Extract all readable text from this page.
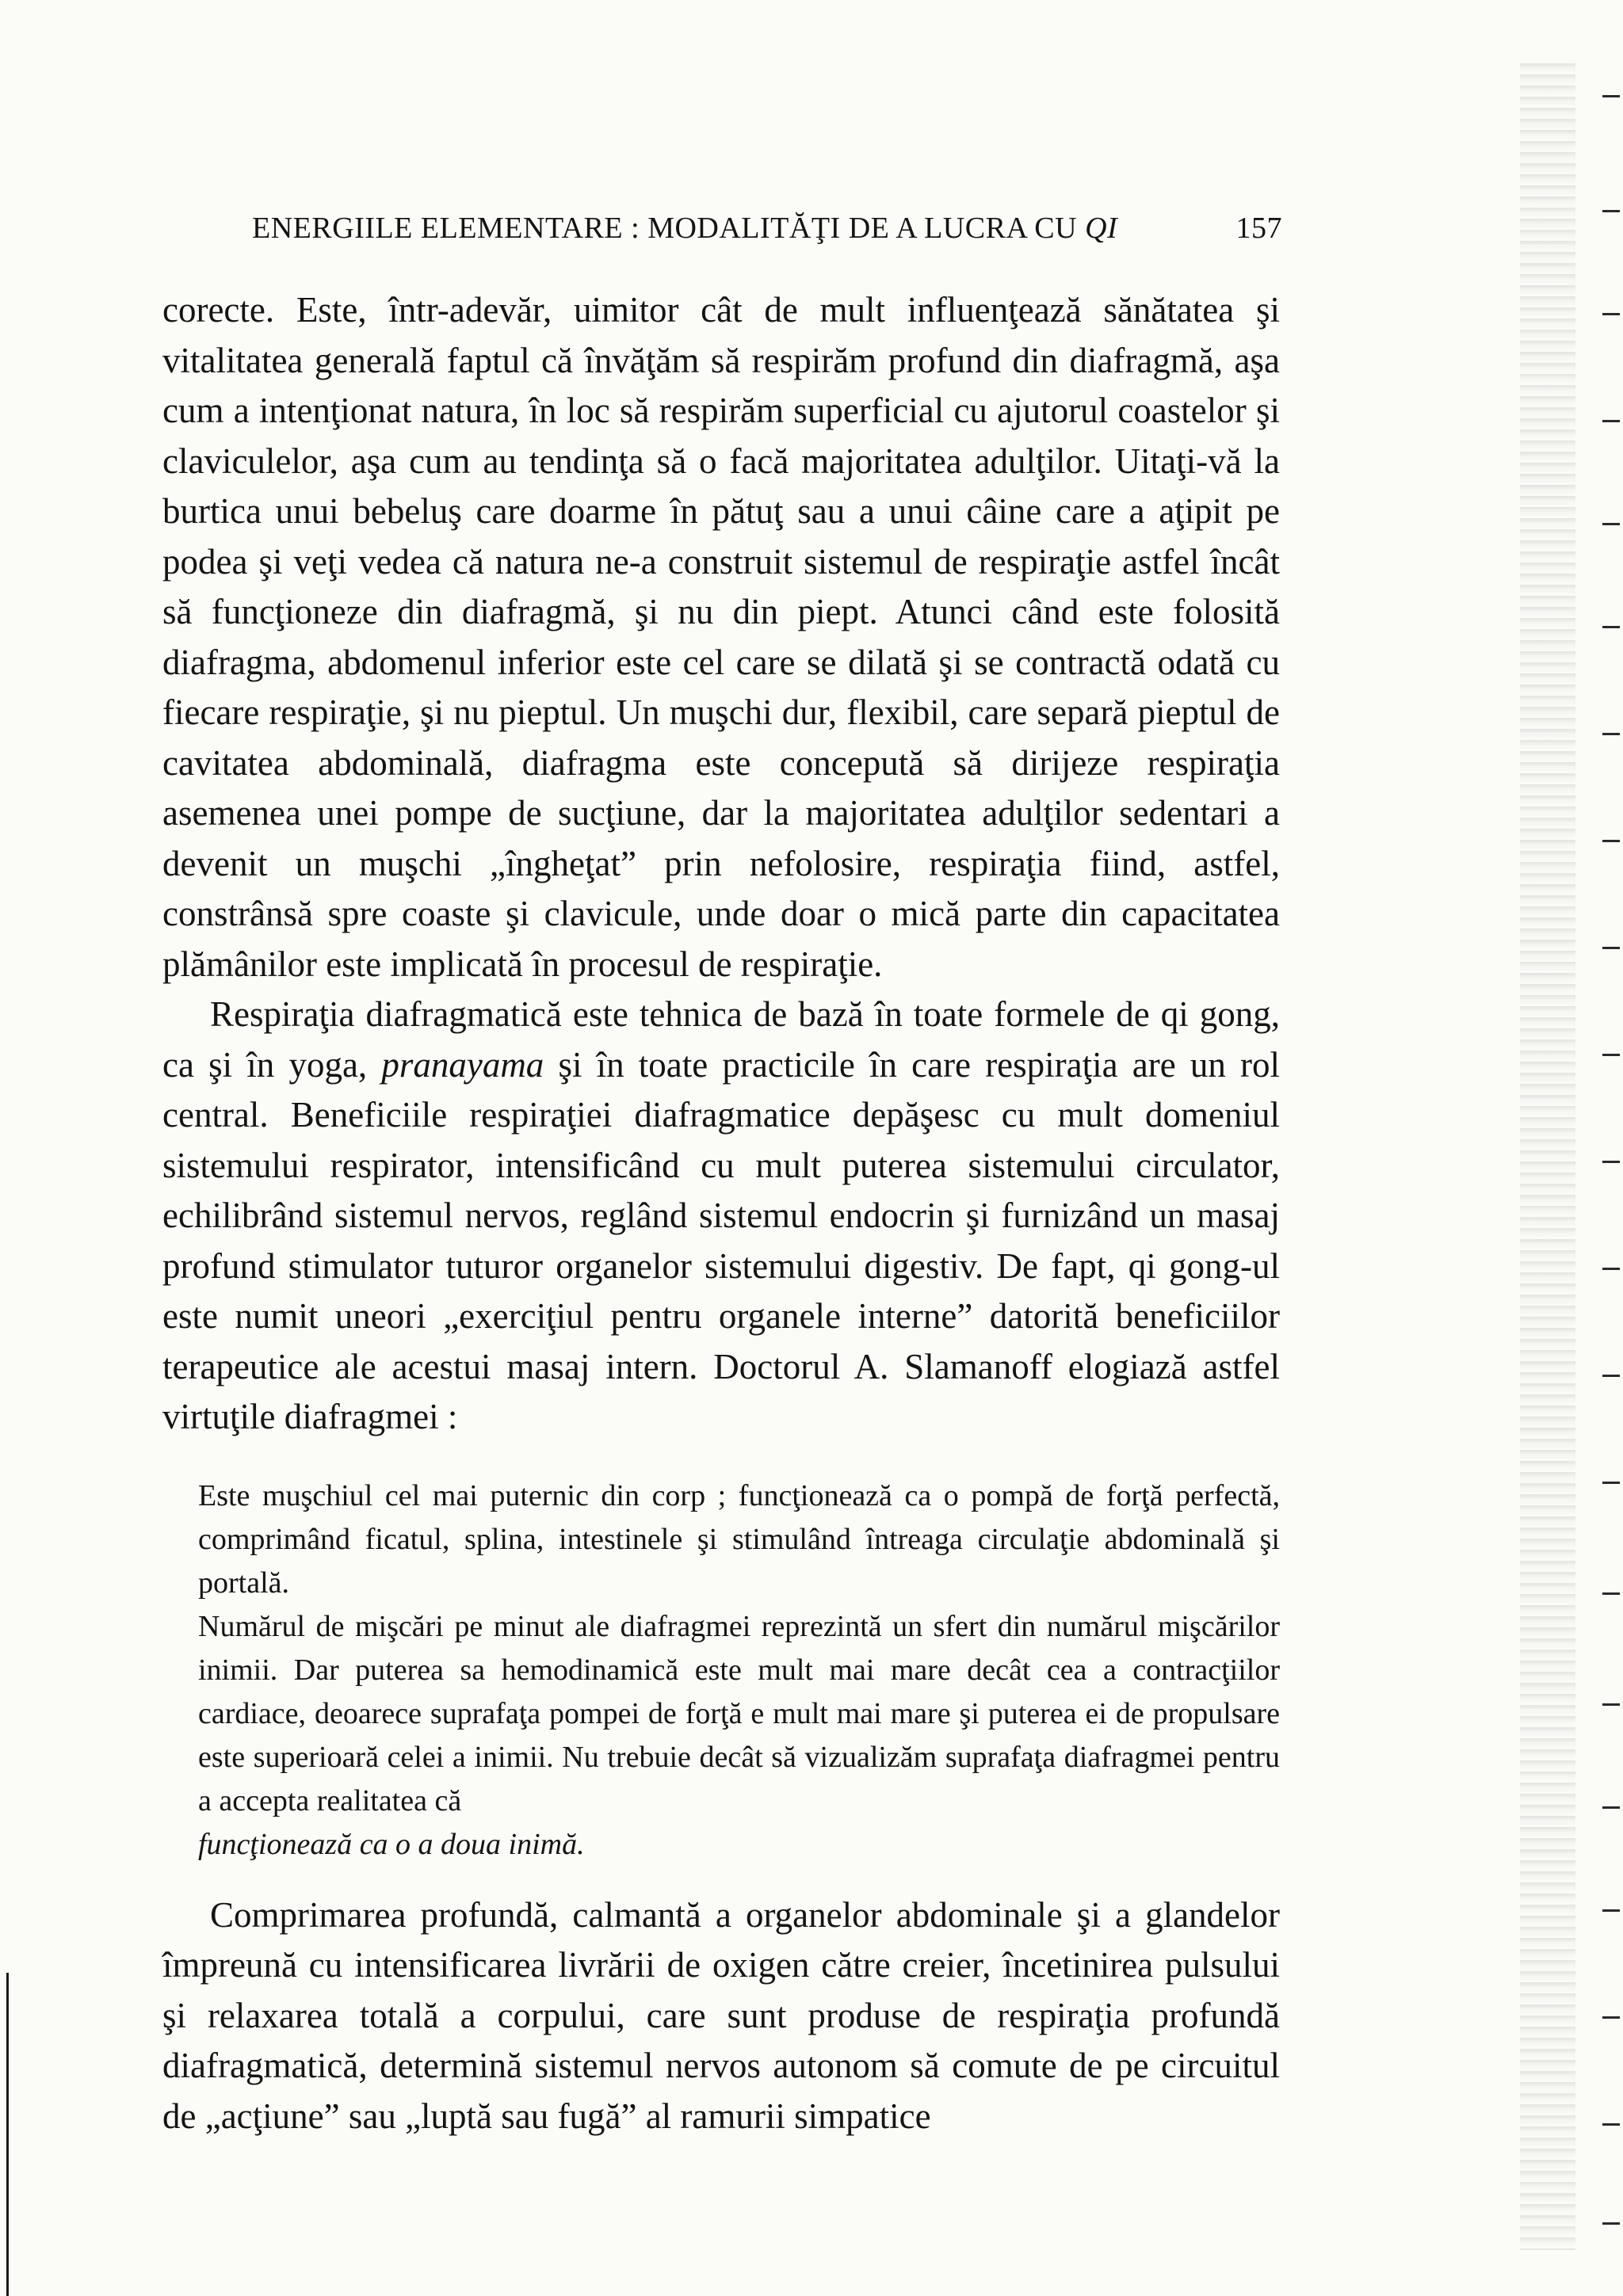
ENERGIILE ELEMENTARE : MODALITĂŢI DE A LUCRA CU QI	157

corecte. Este, într-adevăr, uimitor cât de mult influenţează sănătatea şi vitalitatea generală faptul că învăţăm să respirăm profund din diafragmă, aşa cum a intenţionat natura, în loc să respirăm superficial cu ajutorul coastelor şi claviculelor, aşa cum au tendinţa să o facă majoritatea adulţilor. Uitaţi-vă la burtica unui bebeluş care doarme în pătuţ sau a unui câine care a aţipit pe podea şi veţi vedea că natura ne-a construit sistemul de respiraţie astfel încât să funcţioneze din diafragmă, şi nu din piept. Atunci când este folosită diafragma, abdomenul inferior este cel care se dilată şi se contractă odată cu fiecare respiraţie, şi nu pieptul. Un muşchi dur, flexibil, care separă pieptul de cavitatea abdominală, diafragma este concepută să dirijeze respiraţia asemenea unei pompe de sucţiune, dar la majoritatea adulţilor sedentari a devenit un muşchi „îngheţat” prin nefolosire, respiraţia fiind, astfel, constrânsă spre coaste şi clavicule, unde doar o mică parte din capacitatea plămânilor este implicată în procesul de respiraţie.

Respiraţia diafragmatică este tehnica de bază în toate formele de qi gong, ca şi în yoga, pranayama şi în toate practicile în care respiraţia are un rol central. Beneficiile respiraţiei diafragmatice depăşesc cu mult domeniul sistemului respirator, intensificând cu mult puterea sistemului circulator, echilibrând sistemul nervos, reglând sistemul endocrin şi furnizând un masaj profund stimulator tuturor organelor sistemului digestiv. De fapt, qi gong-ul este numit uneori „exerciţiul pentru organele interne” datorită beneficiilor terapeutice ale acestui masaj intern. Doctorul A. Slamanoff elogiază astfel virtuţile diafragmei :

Este muşchiul cel mai puternic din corp ; funcţionează ca o pompă de forţă perfectă, comprimând ficatul, splina, intestinele şi stimulând întreaga circulaţie abdominală şi portală.

Numărul de mişcări pe minut ale diafragmei reprezintă un sfert din numărul mişcărilor inimii. Dar puterea sa hemodinamică este mult mai mare decât cea a contracţiilor cardiace, deoarece suprafaţa pompei de forţă e mult mai mare şi puterea ei de propulsare este superioară celei a inimii. Nu trebuie decât să vizualizăm suprafaţa diafragmei pentru a accepta realitatea că
funcţionează ca o a doua inimă.

Comprimarea profundă, calmantă a organelor abdominale şi a glandelor împreună cu intensificarea livrării de oxigen către creier, încetinirea pulsului şi relaxarea totală a corpului, care sunt produse de respiraţia profundă diafragmatică, determină sistemul nervos autonom să comute de pe circuitul de „acţiune” sau „luptă sau fugă” al ramurii simpatice
